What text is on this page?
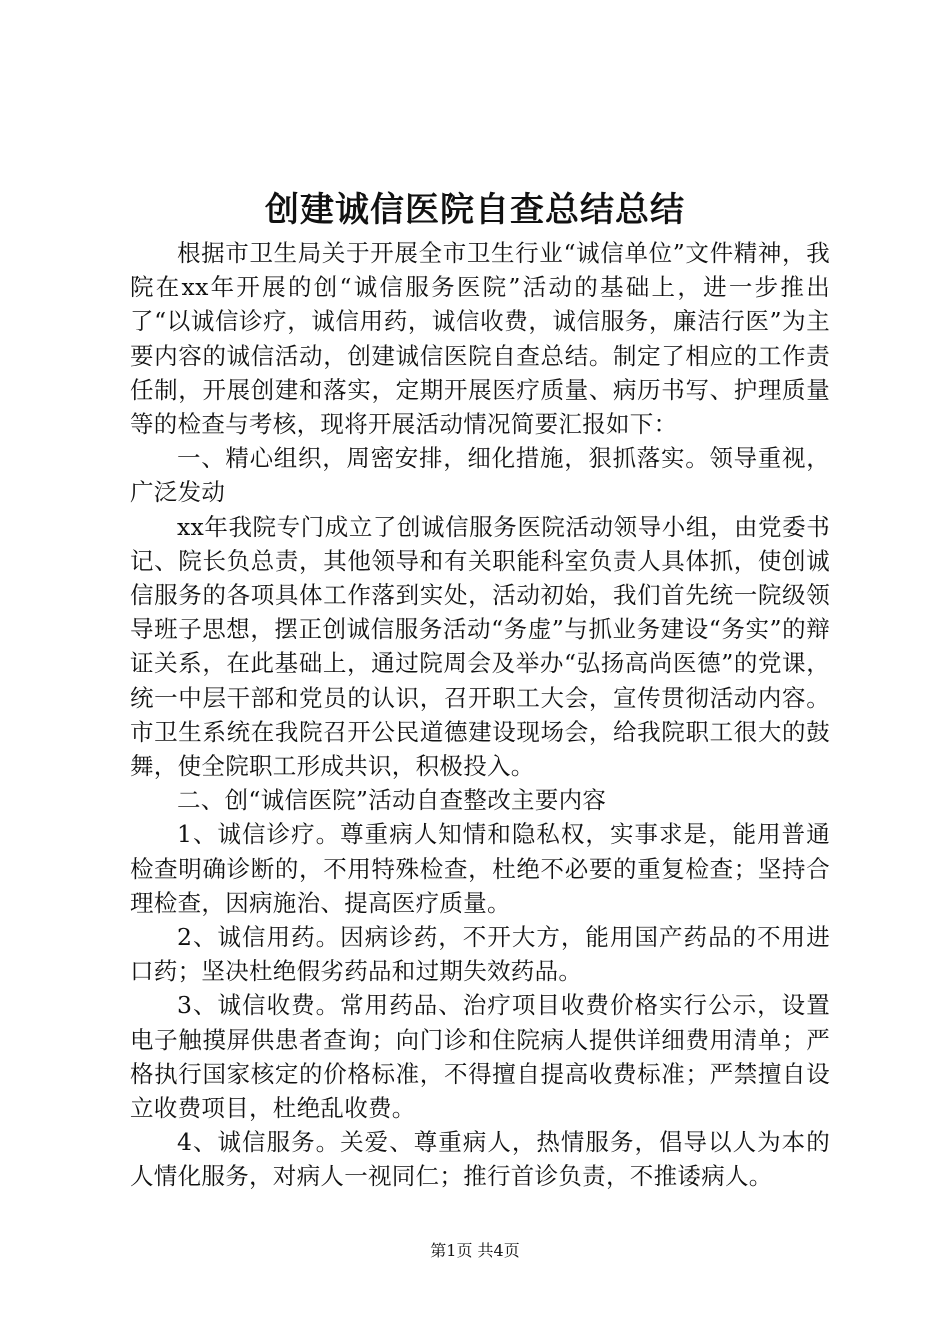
创建诚信医院自查总结总结

根据市卫生局关于开展全市卫生行业“诚信单位”文件精神，我院在xx年开展的创“诚信服务医院”活动的基础上，进一步推出了“以诚信诊疗，诚信用药，诚信收费，诚信服务，廉洁行医”为主要内容的诚信活动，创建诚信医院自查总结。制定了相应的工作责任制，开展创建和落实，定期开展医疗质量、病历书写、护理质量等的检查与考核，现将开展活动情况简要汇报如下：

一、精心组织，周密安排，细化措施，狠抓落实。领导重视，广泛发动

xx年我院专门成立了创诚信服务医院活动领导小组，由党委书记、院长负总责，其他领导和有关职能科室负责人具体抓，使创诚信服务的各项具体工作落到实处，活动初始，我们首先统一院级领导班子思想，摆正创诚信服务活动“务虚”与抓业务建设“务实”的辩证关系，在此基础上，通过院周会及举办“弘扬高尚医德”的党课，统一中层干部和党员的认识，召开职工大会，宣传贯彻活动内容。市卫生系统在我院召开公民道德建设现场会，给我院职工很大的鼓舞，使全院职工形成共识，积极投入。

二、创“诚信医院”活动自查整改主要内容

1、诚信诊疗。尊重病人知情和隐私权，实事求是，能用普通检查明确诊断的，不用特殊检查，杜绝不必要的重复检查；坚持合理检查，因病施治、提高医疗质量。

2、诚信用药。因病诊药，不开大方，能用国产药品的不用进口药；坚决杜绝假劣药品和过期失效药品。

3、诚信收费。常用药品、治疗项目收费价格实行公示，设置电子触摸屏供患者查询；向门诊和住院病人提供详细费用清单；严格执行国家核定的价格标准，不得擅自提高收费标准；严禁擅自设立收费项目，杜绝乱收费。

4、诚信服务。关爱、尊重病人，热情服务，倡导以人为本的人情化服务，对病人一视同仁；推行首诊负责，不推诿病人。

第1页 共4页
